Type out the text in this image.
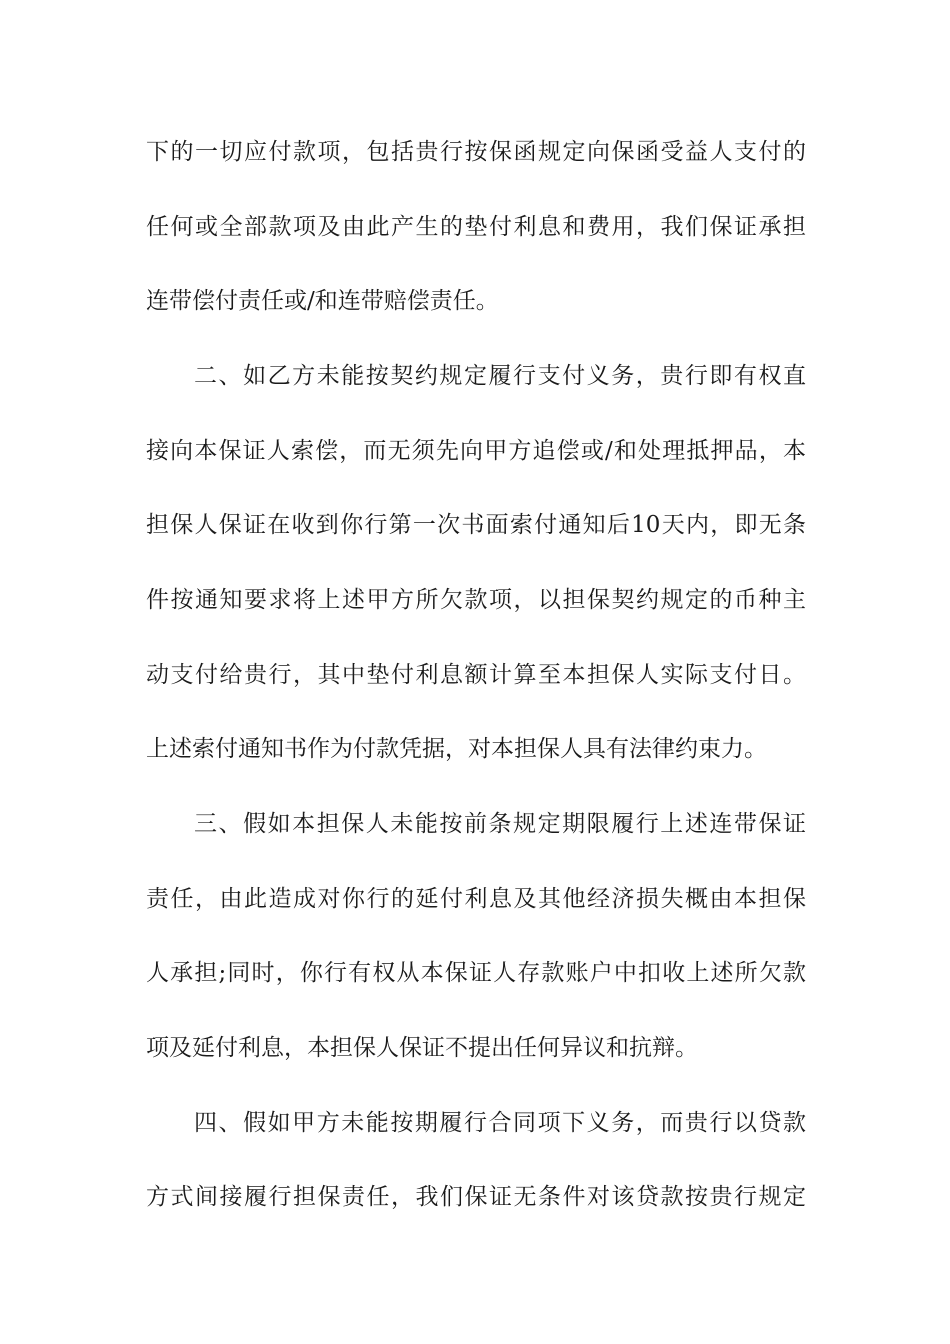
下的一切应付款项，包括贵行按保函规定向保函受益人支付的
任何或全部款项及由此产生的垫付利息和费用，我们保证承担
连带偿付责任或/和连带赔偿责任。
二、如乙方未能按契约规定履行支付义务，贵行即有权直
接向本保证人索偿，而无须先向甲方追偿或/和处理抵押品，本
担保人保证在收到你行第一次书面索付通知后10天内，即无条
件按通知要求将上述甲方所欠款项，以担保契约规定的币种主
动支付给贵行，其中垫付利息额计算至本担保人实际支付日。
上述索付通知书作为付款凭据，对本担保人具有法律约束力。
三、假如本担保人未能按前条规定期限履行上述连带保证
责任，由此造成对你行的延付利息及其他经济损失概由本担保
人承担;同时，你行有权从本保证人存款账户中扣收上述所欠款
项及延付利息，本担保人保证不提出任何异议和抗辩。
四、假如甲方未能按期履行合同项下义务，而贵行以贷款
方式间接履行担保责任，我们保证无条件对该贷款按贵行规定
